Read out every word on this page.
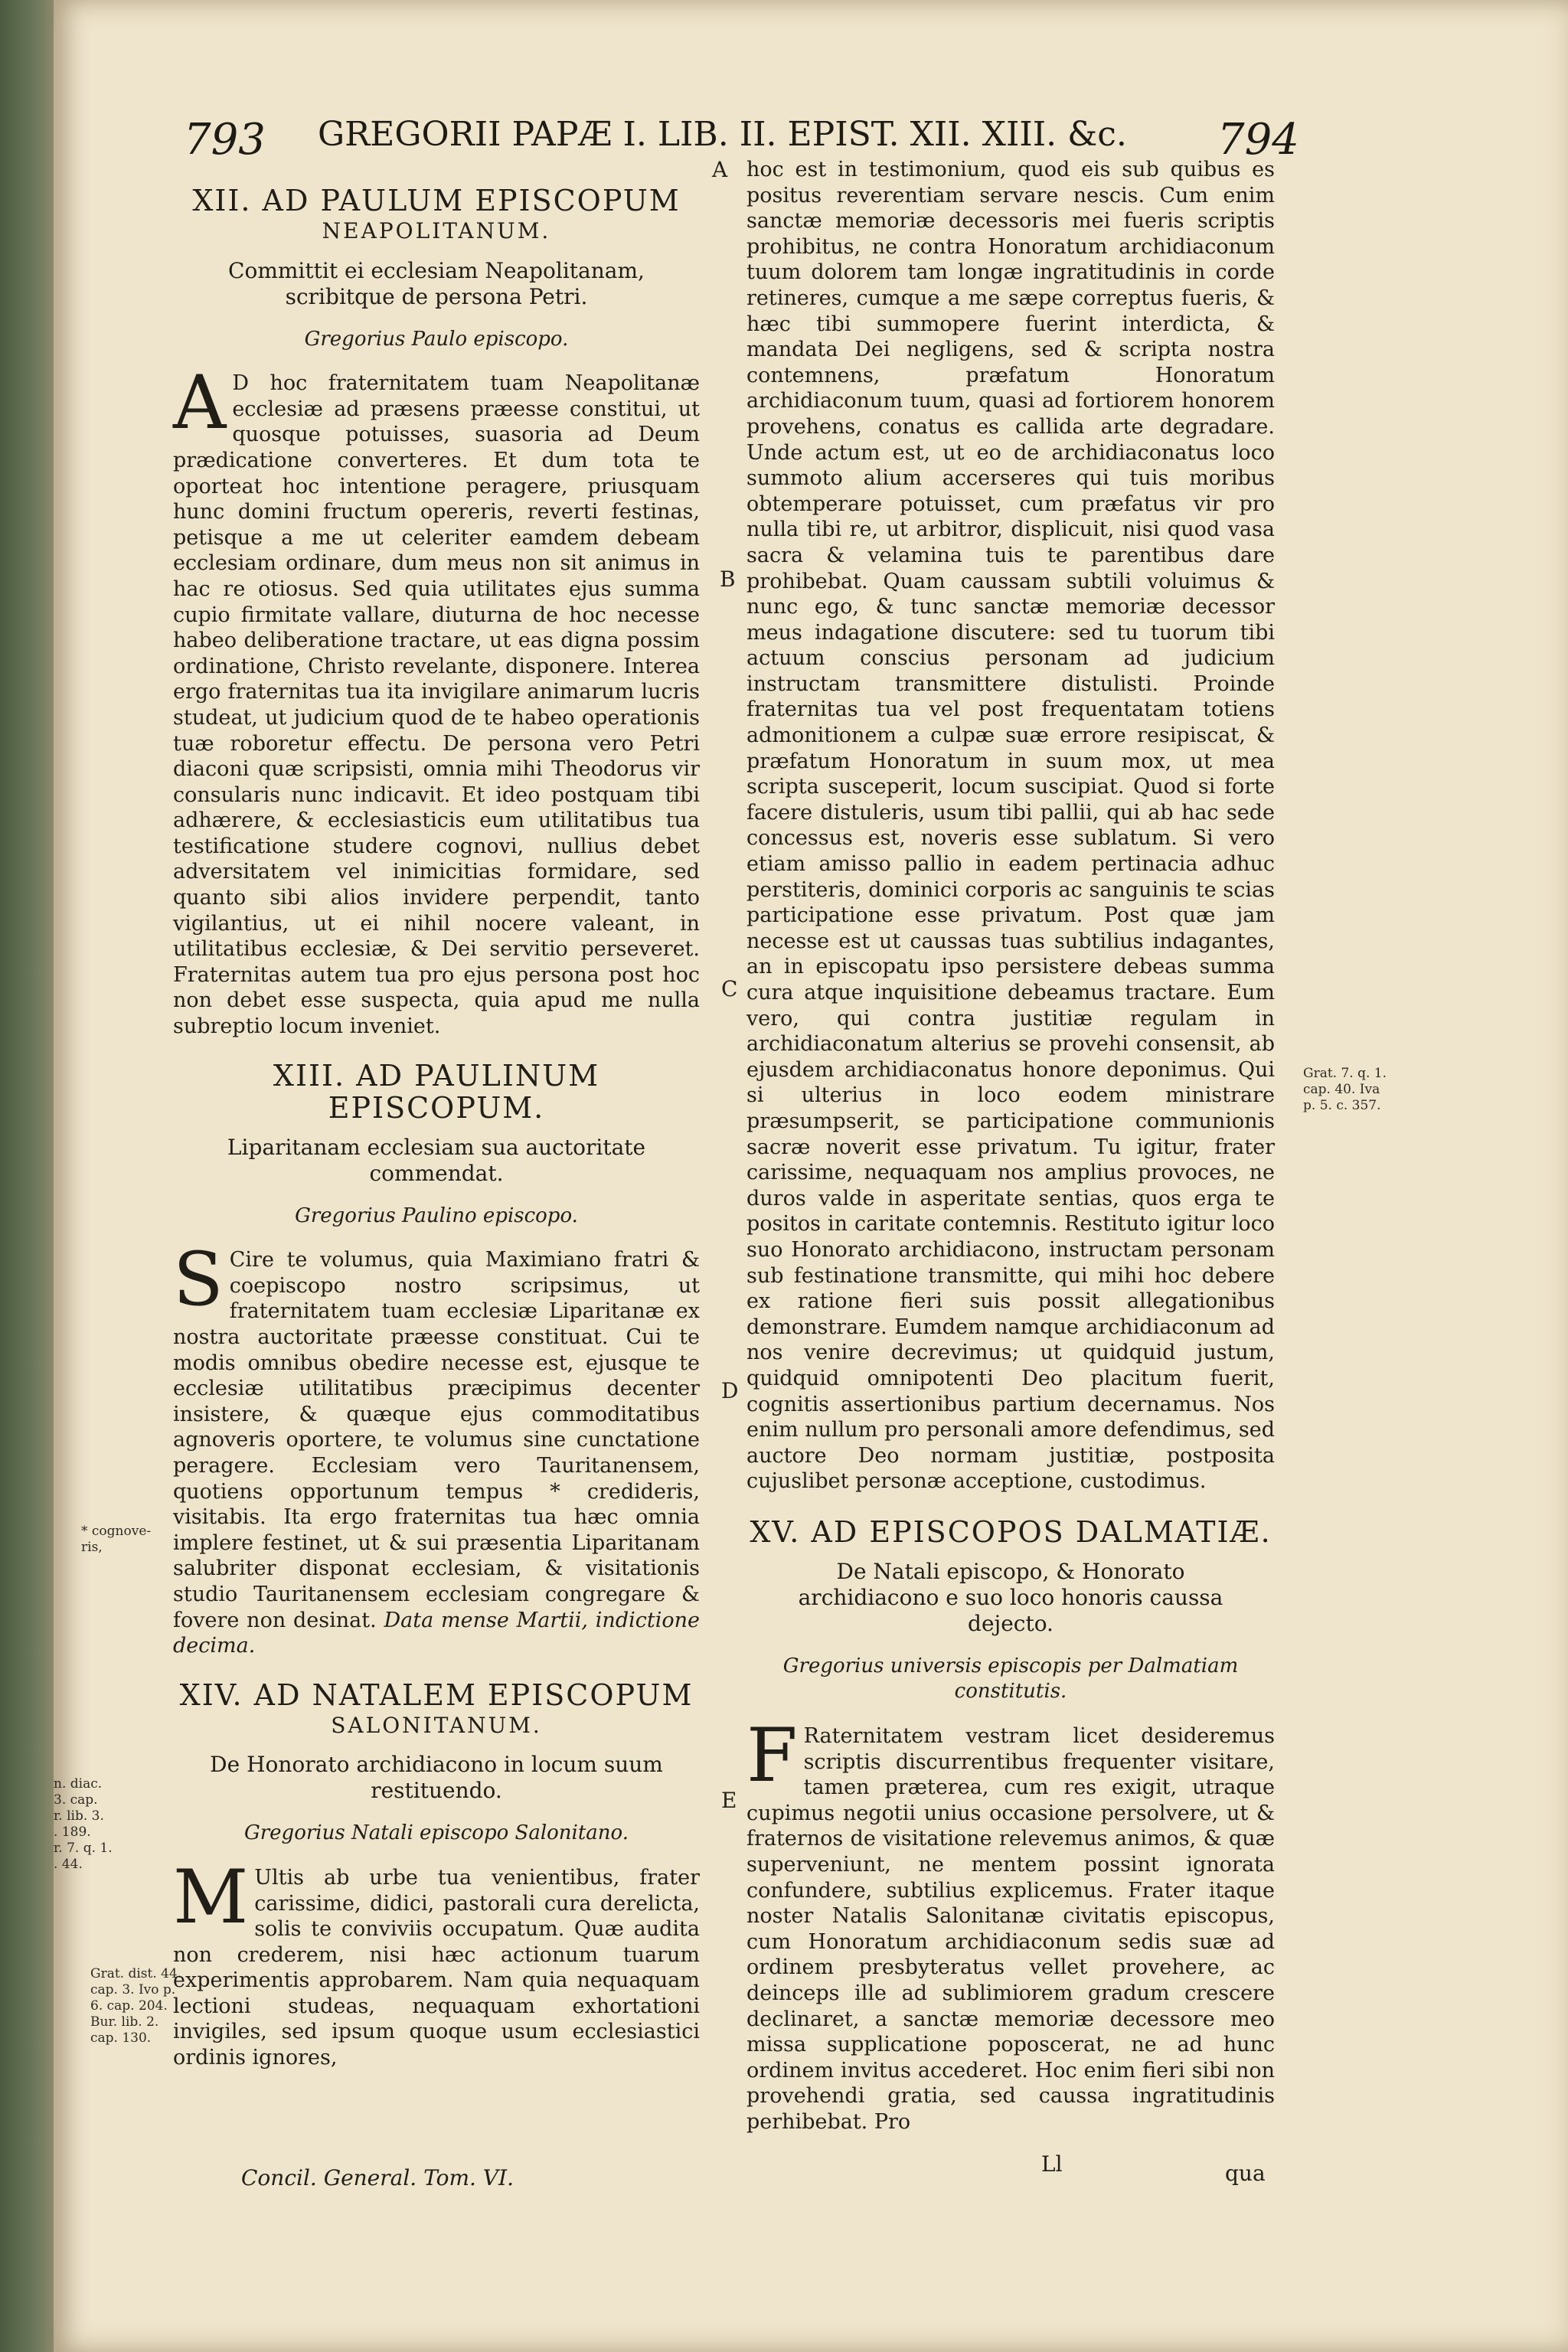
793 GREGORII PAPÆ I. LIB. II. EPIST. XII. XIII. &c. 794
A
B
C
D
E
n. diac.
3. cap.
r. lib. 3.
. 189.
r. 7. q. 1.
. 44.
* cognove-
ris,
Grat. dist. 44.
cap. 3. Ivo p.
6. cap. 204.
Bur. lib. 2.
cap. 130.
Grat. 7. q. 1.
cap. 40. Iva
p. 5. c. 357.
XII. AD PAULUM EPISCOPUM
NEAPOLITANUM.
Committit ei ecclesiam Neapolitanam, scribitque de persona Petri.
Gregorius Paulo episcopo.

A D hoc fraternitatem tuam Neapolitanæ ecclesiæ ad præsens præesse constitui, ut quosque potuisses, suasoria ad Deum prædicatione converteres. Et dum tota te oporteat hoc intentione peragere, priusquam hunc domini fructum opereris, reverti festinas, petisque a me ut celeriter eamdem debeam ecclesiam ordinare, dum meus non sit animus in hac re otiosus. Sed quia utilitates ejus summa cupio firmitate vallare, diuturna de hoc necesse habeo deliberatione tractare, ut eas digna possim ordinatione, Christo revelante, disponere. Interea ergo fraternitas tua ita invigilare animarum lucris studeat, ut judicium quod de te habeo operationis tuæ roboretur effectu. De persona vero Petri diaconi quæ scripsisti, omnia mihi Theodorus vir consularis nunc indicavit. Et ideo postquam tibi adhærere, & ecclesiasticis eum utilitatibus tua testificatione studere cognovi, nullius debet adversitatem vel inimicitias formidare, sed quanto sibi alios invidere perpendit, tanto vigilantius, ut ei nihil nocere valeant, in utilitatibus ecclesiæ, & Dei servitio perseveret. Fraternitas autem tua pro ejus persona post hoc non debet esse suspecta, quia apud me nulla subreptio locum inveniet.

XIII. AD PAULINUM EPISCOPUM.
Liparitanam ecclesiam sua auctoritate commendat.
Gregorius Paulino episcopo.

S Cire te volumus, quia Maximiano fratri & coepiscopo nostro scripsimus, ut fraternitatem tuam ecclesiæ Liparitanæ ex nostra auctoritate præesse constituat. Cui te modis omnibus obedire necesse est, ejusque te ecclesiæ utilitatibus præcipimus decenter insistere, & quæque ejus commoditatibus agnoveris oportere, te volumus sine cunctatione peragere. Ecclesiam vero Tauritanensem, quotiens opportunum tempus * credideris, visitabis. Ita ergo fraternitas tua hæc omnia implere festinet, ut & sui præsentia Liparitanam salubriter disponat ecclesiam, & visitationis studio Tauritanensem ecclesiam congregare & fovere non desinat. Data mense Martii, indictione decima.

XIV. AD NATALEM EPISCOPUM
SALONITANUM.
De Honorato archidiacono in locum suum restituendo.
Gregorius Natali episcopo Salonitano.

M Ultis ab urbe tua venientibus, frater carissime, didici, pastorali cura derelicta, solis te conviviis occupatum. Quæ audita non crederem, nisi hæc actionum tuarum experimentis approbarem. Nam quia nequaquam lectioni studeas, nequaquam exhortationi invigiles, sed ipsum quoque usum ecclesiastici ordinis ignores,

hoc est in testimonium, quod eis sub quibus es positus reverentiam servare nescis. Cum enim sanctæ memoriæ decessoris mei fueris scriptis prohibitus, ne contra Honoratum archidiaconum tuum dolorem tam longæ ingratitudinis in corde retineres, cumque a me sæpe correptus fueris, & hæc tibi summopere fuerint interdicta, & mandata Dei negligens, sed & scripta nostra contemnens, præfatum Honoratum archidiaconum tuum, quasi ad fortiorem honorem provehens, conatus es callida arte degradare. Unde actum est, ut eo de archidiaconatus loco summoto alium accerseres qui tuis moribus obtemperare potuisset, cum præfatus vir pro nulla tibi re, ut arbitror, displicuit, nisi quod vasa sacra & velamina tuis te parentibus dare prohibebat. Quam caussam subtili voluimus & nunc ego, & tunc sanctæ memoriæ decessor meus indagatione discutere: sed tu tuorum tibi actuum conscius personam ad judicium instructam transmittere distulisti. Proinde fraternitas tua vel post frequentatam totiens admonitionem a culpæ suæ errore resipiscat, & præfatum Honoratum in suum mox, ut mea scripta susceperit, locum suscipiat. Quod si forte facere distuleris, usum tibi pallii, qui ab hac sede concessus est, noveris esse sublatum. Si vero etiam amisso pallio in eadem pertinacia adhuc perstiteris, dominici corporis ac sanguinis te scias participatione esse privatum. Post quæ jam necesse est ut caussas tuas subtilius indagantes, an in episcopatu ipso persistere debeas summa cura atque inquisitione debeamus tractare. Eum vero, qui contra justitiæ regulam in archidiaconatum alterius se provehi consensit, ab ejusdem archidiaconatus honore deponimus. Qui si ulterius in loco eodem ministrare præsumpserit, se participatione communionis sacræ noverit esse privatum. Tu igitur, frater carissime, nequaquam nos amplius provoces, ne duros valde in asperitate sentias, quos erga te positos in caritate contemnis. Restituto igitur loco suo Honorato archidiacono, instructam personam sub festinatione transmitte, qui mihi hoc debere ex ratione fieri suis possit allegationibus demonstrare. Eumdem namque archidiaconum ad nos venire decrevimus; ut quidquid justum, quidquid omnipotenti Deo placitum fuerit, cognitis assertionibus partium decernamus. Nos enim nullum pro personali amore defendimus, sed auctore Deo normam justitiæ, postposita cujuslibet personæ acceptione, custodimus.

XV. AD EPISCOPOS DALMATIÆ.
De Natali episcopo, & Honorato archidiacono e suo loco honoris caussa dejecto.
Gregorius universis episcopis per Dalmatiam constitutis.

F Raternitatem vestram licet desideremus scriptis discurrentibus frequenter visitare, tamen præterea, cum res exigit, utraque cupimus negotii unius occasione persolvere, ut & fraternos de visitatione relevemus animos, & quæ superveniunt, ne mentem possint ignorata confundere, subtilius explicemus. Frater itaque noster Natalis Salonitanæ civitatis episcopus, cum Honoratum archidiaconum sedis suæ ad ordinem presbyteratus vellet provehere, ac deinceps ille ad sublimiorem gradum crescere declinaret, a sanctæ memoriæ decessore meo missa supplicatione poposcerat, ne ad hunc ordinem invitus accederet. Hoc enim fieri sibi non provehendi gratia, sed caussa ingratitudinis perhibebat. Pro

Concil. General. Tom. VI.
Ll	qua
